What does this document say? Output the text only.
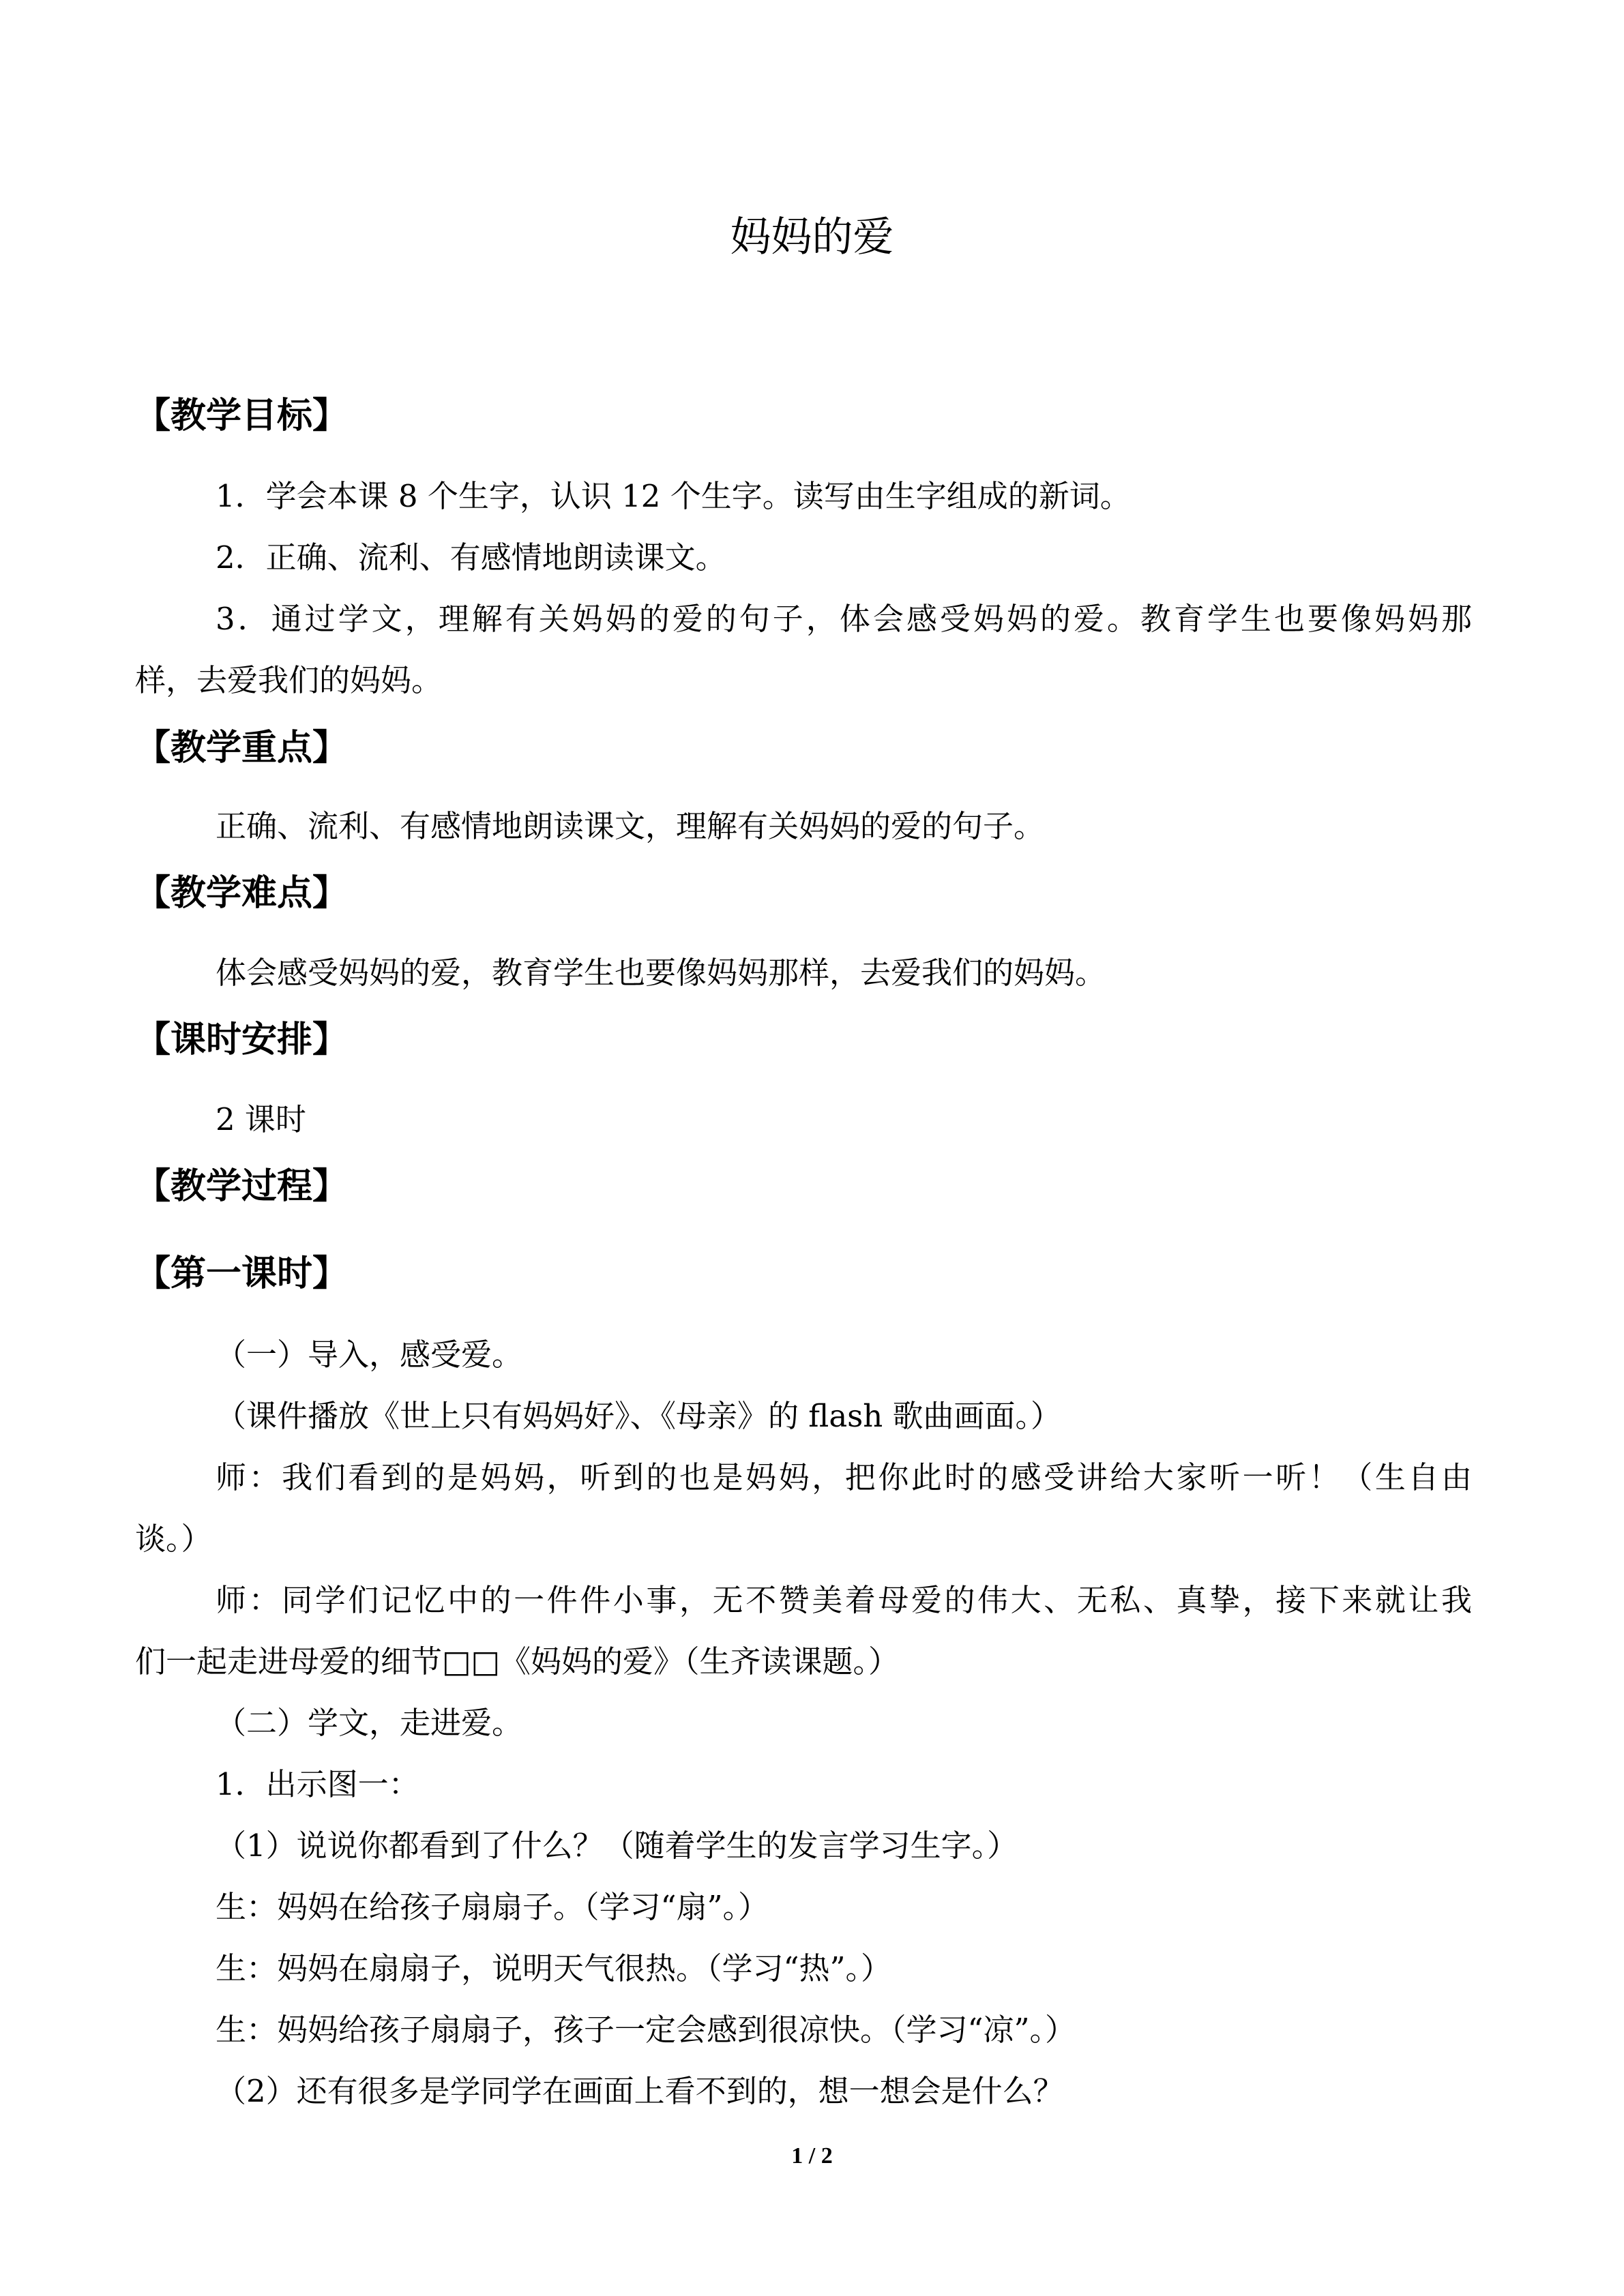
妈妈的爱
【教学目标】
1．学会本课 8 个生字，认识 12 个生字。读写由生字组成的新词。
2．正确、流利、有感情地朗读课文。
3．通过学文，理解有关妈妈的爱的句子，体会感受妈妈的爱。教育学生也要像妈妈那
样，去爱我们的妈妈。
【教学重点】
正确、流利、有感情地朗读课文，理解有关妈妈的爱的句子。
【教学难点】
体会感受妈妈的爱，教育学生也要像妈妈那样，去爱我们的妈妈。
【课时安排】
2 课时
【教学过程】
【第一课时】
（一）导入，感受爱。
（课件播放《世上只有妈妈好》、《母亲》的 flash 歌曲画面。）
师：我们看到的是妈妈，听到的也是妈妈，把你此时的感受讲给大家听一听！（生自由
谈。）
师：同学们记忆中的一件件小事，无不赞美着母爱的伟大、无私、真挚，接下来就让我
们一起走进母爱的细节□□《妈妈的爱》（生齐读课题。）
（二）学文，走进爱。
1．出示图一：
（1）说说你都看到了什么？（随着学生的发言学习生字。）
生：妈妈在给孩子扇扇子。（学习“扇”。）
生：妈妈在扇扇子，说明天气很热。（学习“热”。）
生：妈妈给孩子扇扇子，孩子一定会感到很凉快。（学习“凉”。）
（2）还有很多是学同学在画面上看不到的，想一想会是什么？
1 / 2
